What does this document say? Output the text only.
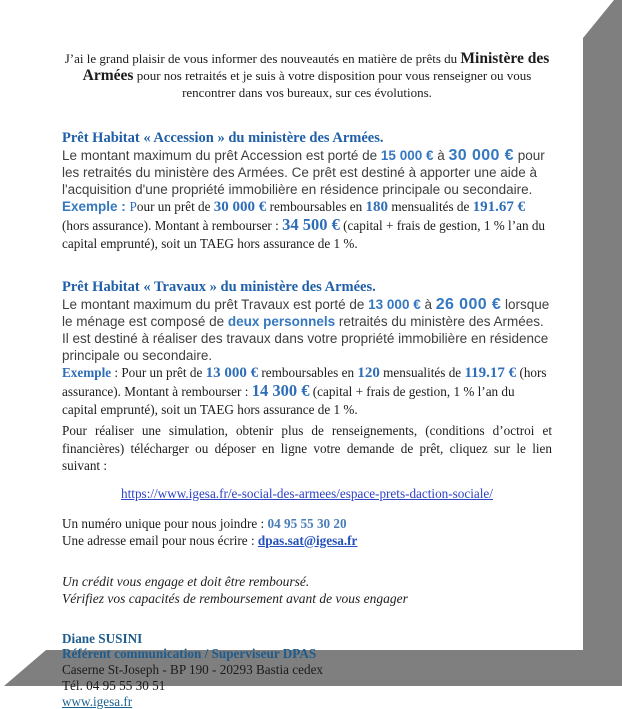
J’ai le grand plaisir de vous informer des nouveautés en matière de prêts du Ministère des Armées pour nos retraités et je suis à votre disposition pour vous renseigner ou vous rencontrer dans vos bureaux, sur ces évolutions.

Prêt Habitat « Accession » du ministère des Armées.

Le montant maximum du prêt Accession est porté de 15 000 € à 30 000 € pour les retraités du ministère des Armées. Ce prêt est destiné à apporter une aide à l'acquisition d'une propriété immobilière en résidence principale ou secondaire.

Exemple : Pour un prêt de 30 000 € remboursables en 180 mensualités de 191.67 € (hors assurance). Montant à rembourser : 34 500 € (capital + frais de gestion, 1 % l’an du capital emprunté), soit un TAEG hors assurance de 1 %.

Prêt Habitat « Travaux » du ministère des Armées.

Le montant maximum du prêt Travaux est porté de 13 000 € à 26 000 € lorsque le ménage est composé de deux personnels retraités du ministère des Armées. Il est destiné à réaliser des travaux dans votre propriété immobilière en résidence principale ou secondaire.

Exemple : Pour un prêt de 13 000 € remboursables en 120 mensualités de 119.17 € (hors assurance). Montant à rembourser : 14 300 € (capital + frais de gestion, 1 % l’an du capital emprunté), soit un TAEG hors assurance de 1 %.

Pour réaliser une simulation, obtenir plus de renseignements, (conditions d’octroi et financières) télécharger ou déposer en ligne votre demande de prêt, cliquez sur le lien suivant :

https://www.igesa.fr/e-social-des-armees/espace-prets-daction-sociale/

Un numéro unique pour nous joindre : 04 95 55 30 20

Une adresse email pour nous écrire : dpas.sat@igesa.fr

Un crédit vous engage et doit être remboursé.
Vérifiez vos capacités de remboursement avant de vous engager
Diane SUSINI
Référent communication / Superviseur DPAS
Caserne St-Joseph - BP 190 - 20293 Bastia cedex
Tél. 04 95 55 30 51
www.igesa.fr
